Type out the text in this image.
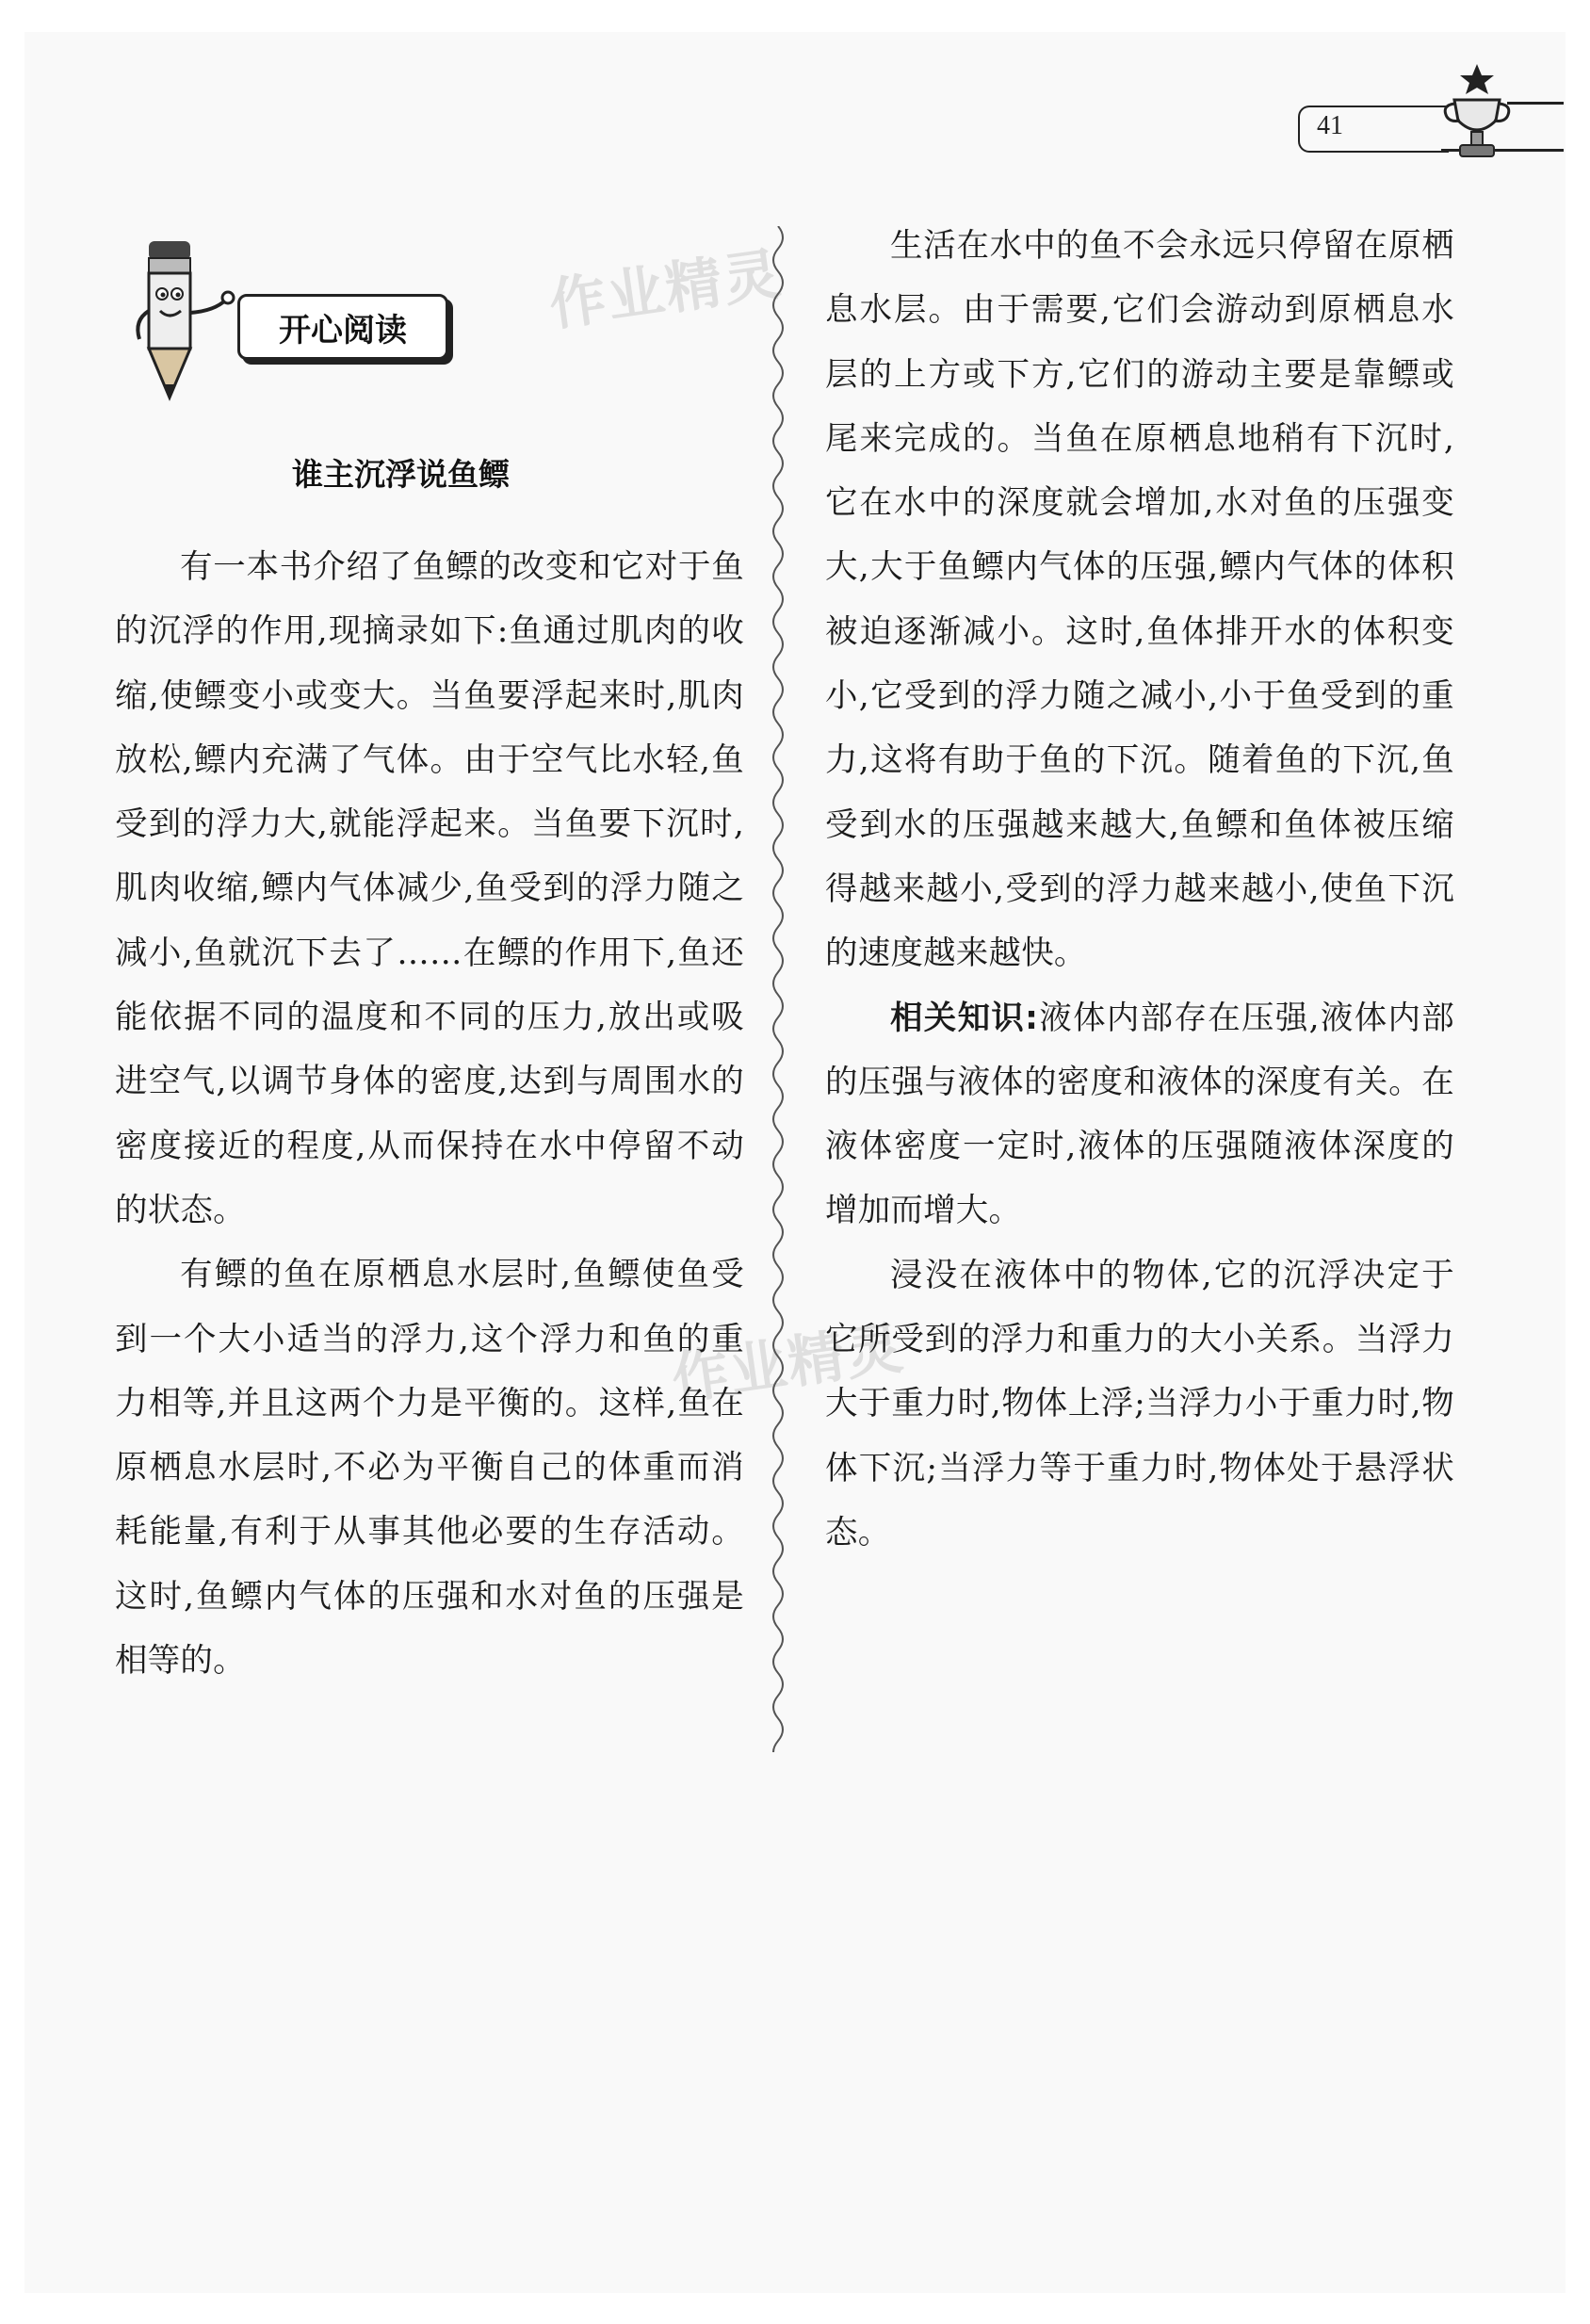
41
开心阅读	作业精灵
作业精灵
谁主沉浮说鱼鳔

有一本书介绍了鱼鳔的改变和它对于鱼的沉浮的作用,现摘录如下:鱼通过肌肉的收缩,使鳔变小或变大。当鱼要浮起来时,肌肉放松,鳔内充满了气体。由于空气比水轻,鱼受到的浮力大,就能浮起来。当鱼要下沉时,肌肉收缩,鳔内气体减少,鱼受到的浮力随之减小,鱼就沉下去了……在鳔的作用下,鱼还能依据不同的温度和不同的压力,放出或吸进空气,以调节身体的密度,达到与周围水的密度接近的程度,从而保持在水中停留不动的状态。

有鳔的鱼在原栖息水层时,鱼鳔使鱼受到一个大小适当的浮力,这个浮力和鱼的重力相等,并且这两个力是平衡的。这样,鱼在原栖息水层时,不必为平衡自己的体重而消耗能量,有利于从事其他必要的生存活动。这时,鱼鳔内气体的压强和水对鱼的压强是相等的。

生活在水中的鱼不会永远只停留在原栖息水层。由于需要,它们会游动到原栖息水层的上方或下方,它们的游动主要是靠鳔或尾来完成的。当鱼在原栖息地稍有下沉时,它在水中的深度就会增加,水对鱼的压强变大,大于鱼鳔内气体的压强,鳔内气体的体积被迫逐渐减小。这时,鱼体排开水的体积变小,它受到的浮力随之减小,小于鱼受到的重力,这将有助于鱼的下沉。随着鱼的下沉,鱼受到水的压强越来越大,鱼鳔和鱼体被压缩得越来越小,受到的浮力越来越小,使鱼下沉的速度越来越快。

相关知识:液体内部存在压强,液体内部的压强与液体的密度和液体的深度有关。在液体密度一定时,液体的压强随液体深度的增加而增大。

浸没在液体中的物体,它的沉浮决定于它所受到的浮力和重力的大小关系。当浮力大于重力时,物体上浮;当浮力小于重力时,物体下沉;当浮力等于重力时,物体处于悬浮状态。
